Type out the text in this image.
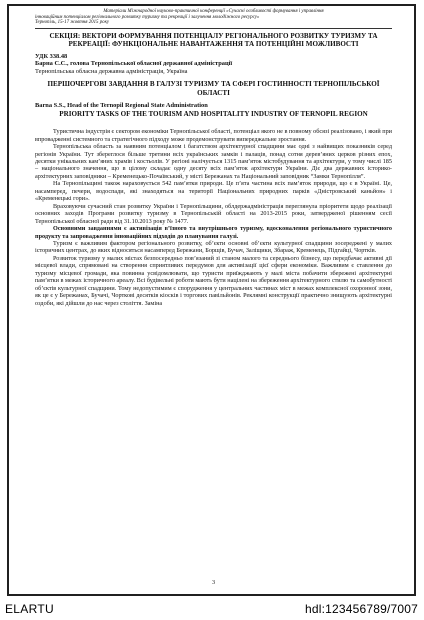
Матеріали Міжнародної науково-практичної конференції «Сучасні особливості формування і управління
інноваційним потенціалом регіонального розвитку туризму та рекреації і залучення молодіжного ресурсу»
Тернопіль, 15-17 жовтня 2015 року
СЕКЦІЯ: ВЕКТОРИ ФОРМУВАННЯ ПОТЕНЦІАЛУ РЕГІОНАЛЬНОГО РОЗВИТКУ ТУРИЗМУ ТА РЕКРЕАЦІЇ: ФУНКЦІОНАЛЬНЕ НАВАНТАЖЕННЯ ТА ПОТЕНЦІЙНІ МОЖЛИВОСТІ
УДК 338.48
Барна С.С., голова Тернопільської обласної державної адміністрації
Тернопільська обласна державна адміністрація, Україна
ПЕРШОЧЕРГОВІ ЗАВДАННЯ В ГАЛУЗІ ТУРИЗМУ ТА СФЕРІ ГОСТИННОСТІ ТЕРНОПІЛЬСЬКОЇ ОБЛАСТІ
Barna S.S., Head of the Ternopil Regional State Administration
PRIORITY TASKS OF THE TOURISM AND HOSPITALITY INDUSTRY OF TERNOPIL REGION
Туристична індустрія є сектором економіки Тернопільської області, потенціал якого не в повному обсязі реалізовано, і який при впровадженні системного та стратегічного підходу може продемонструвати випереджальне зростання.
Тернопільська область за наявним потенціалом і багатством архітектурної спадщини має одні з найвищих показників серед регіонів України. Тут збереглося більше третини всіх українських замків і палаців, понад сотня дерев’яних церков різних епох, десятки унікальних кам’яних храмів і костьолів. У регіоні налічується 1315 пам’яток містобудування та архітектури, у тому числі 185 – національного значення, що в цілому складає одну десяту всіх пам’яток архітектури України. Діє два державних історико-архітектурних заповідники – Кременецько-Почаївський, у місті Бережанах та Національний заповідник “Замки Тернопілля”.
На Тернопільщині також нараховується 542 пам’ятки природи. Це п’ята частина всіх пам’яток природи, що є в Україні. Це, насамперед, печери, водоспади, які знаходяться на території Національних природних парків «Дністровський каньйон» і «Кременецькі гори».
Враховуючи сучасний стан розвитку України і Тернопільщини, облдержадміністрація переглянула пріоритети щодо реалізації основних заходів Програми розвитку туризму в Тернопільській області на 2013-2015 роки, затвердженої рішенням сесії Тернопільської обласної ради від 31.10.2013 року № 1477.
Основними завданнями є активізація в’їзного та внутрішнього туризму, вдосконалення регіонального туристичного продукту та запровадження інноваційних підходів до планування галузі.
Туризм є важливим фактором регіонального розвитку, об’єкти основні об’єкти культурної спадщини зосереджені у малих історичних центрах, до яких відносяться насамперед Бережани, Борщів, Бучач, Заліщики, Збараж, Кременець, Підгайці, Чортків.
Розвиток туризму у малих містах безпосередньо пов’язаний зі станом малого та середнього бізнесу, що передбачає активні дії місцевої влади, спрямовані на створення сприятливих передумов для активізації цієї сфери економіки. Важливим є ставлення до туризму місцевої громади, яка повинна усвідомлювати, що туристи приїжджають у малі міста побачити збережені архітектурні пам’ятки в межах історичного ареалу. Всі будівельні роботи мають бути націлені на збереження архітектурного стилю та самобутності об’єктів культурної спадщини. Тому недопустимим є спорудження у центральних частинах міст в межах комплексної охоронної зони, як це є у Бережанах, Бучачі, Чорткові десятків кіосків і торгових павільйонів. Реклямні конструкції практично знищують архітектурні оздоби, які дійшли до нас через століття. Заміна
3
ELARTU	hdl:123456789/7007
